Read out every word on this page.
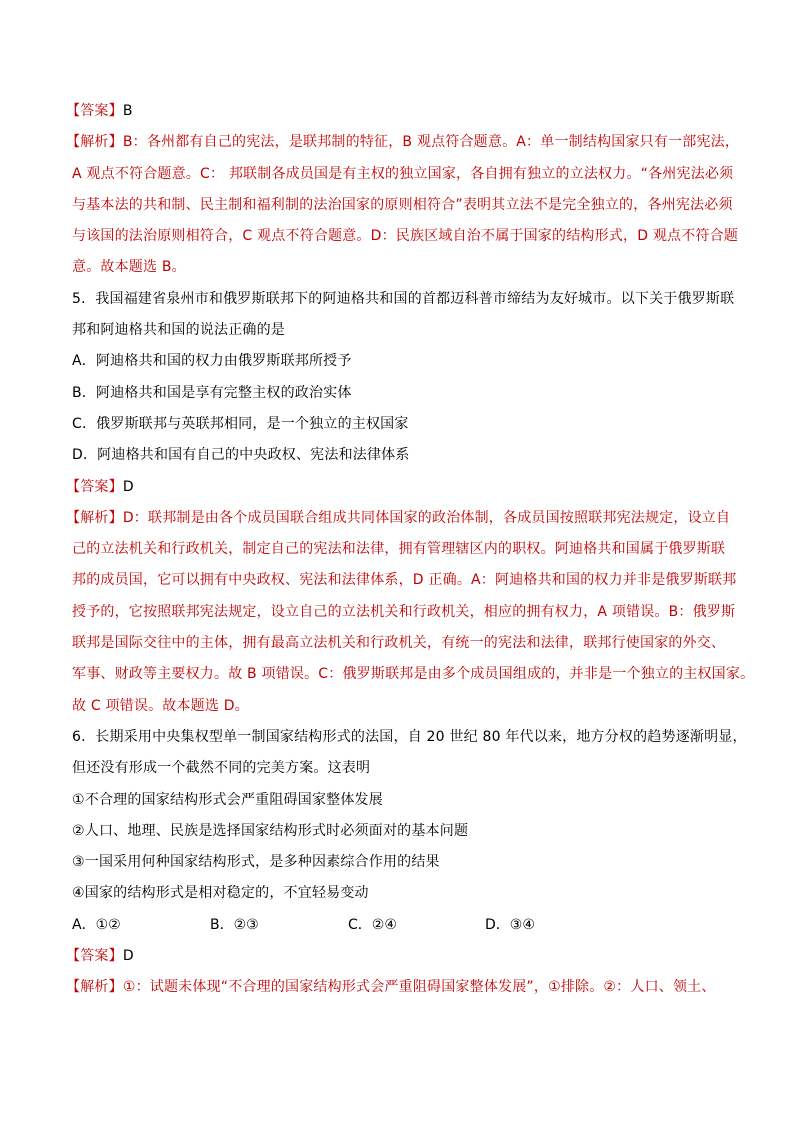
【答案】B
【解析】B：各州都有自己的宪法，是联邦制的特征，B 观点符合题意。A：单一制结构国家只有一部宪法，
A 观点不符合题意。C： 邦联制各成员国是有主权的独立国家，各自拥有独立的立法权力。“各州宪法必须
与基本法的共和制、民主制和福利制的法治国家的原则相符合”表明其立法不是完全独立的，各州宪法必须
与该国的法治原则相符合，C 观点不符合题意。D：民族区域自治不属于国家的结构形式，D 观点不符合题
意。故本题选 B。
5．我国福建省泉州市和俄罗斯联邦下的阿迪格共和国的首都迈科普市缔结为友好城市。以下关于俄罗斯联
邦和阿迪格共和国的说法正确的是
A．阿迪格共和国的权力由俄罗斯联邦所授予
B．阿迪格共和国是享有完整主权的政治实体
C．俄罗斯联邦与英联邦相同，是一个独立的主权国家
D．阿迪格共和国有自己的中央政权、宪法和法律体系
【答案】D
【解析】D：联邦制是由各个成员国联合组成共同体国家的政治体制，各成员国按照联邦宪法规定，设立自
己的立法机关和行政机关，制定自己的宪法和法律，拥有管理辖区内的职权。阿迪格共和国属于俄罗斯联
邦的成员国，它可以拥有中央政权、宪法和法律体系，D 正确。A：阿迪格共和国的权力并非是俄罗斯联邦
授予的，它按照联邦宪法规定，设立自己的立法机关和行政机关，相应的拥有权力，A 项错误。B：俄罗斯
联邦是国际交往中的主体，拥有最高立法机关和行政机关，有统一的宪法和法律，联邦行使国家的外交、
军事、财政等主要权力。故 B 项错误。C：俄罗斯联邦是由多个成员国组成的，并非是一个独立的主权国家。
故 C 项错误。故本题选 D。
6．长期采用中央集权型单一制国家结构形式的法国，自 20 世纪 80 年代以来，地方分权的趋势逐渐明显，
但还没有形成一个截然不同的完美方案。这表明
①不合理的国家结构形式会严重阻碍国家整体发展
②人口、地理、民族是选择国家结构形式时必须面对的基本问题
③一国采用何种国家结构形式，是多种因素综合作用的结果
④国家的结构形式是相对稳定的，不宜轻易变动
A．①②	B．②③	C．②④	D．③④
【答案】D
【解析】①：试题未体现“不合理的国家结构形式会严重阻碍国家整体发展”，①排除。②：人口、领土、
